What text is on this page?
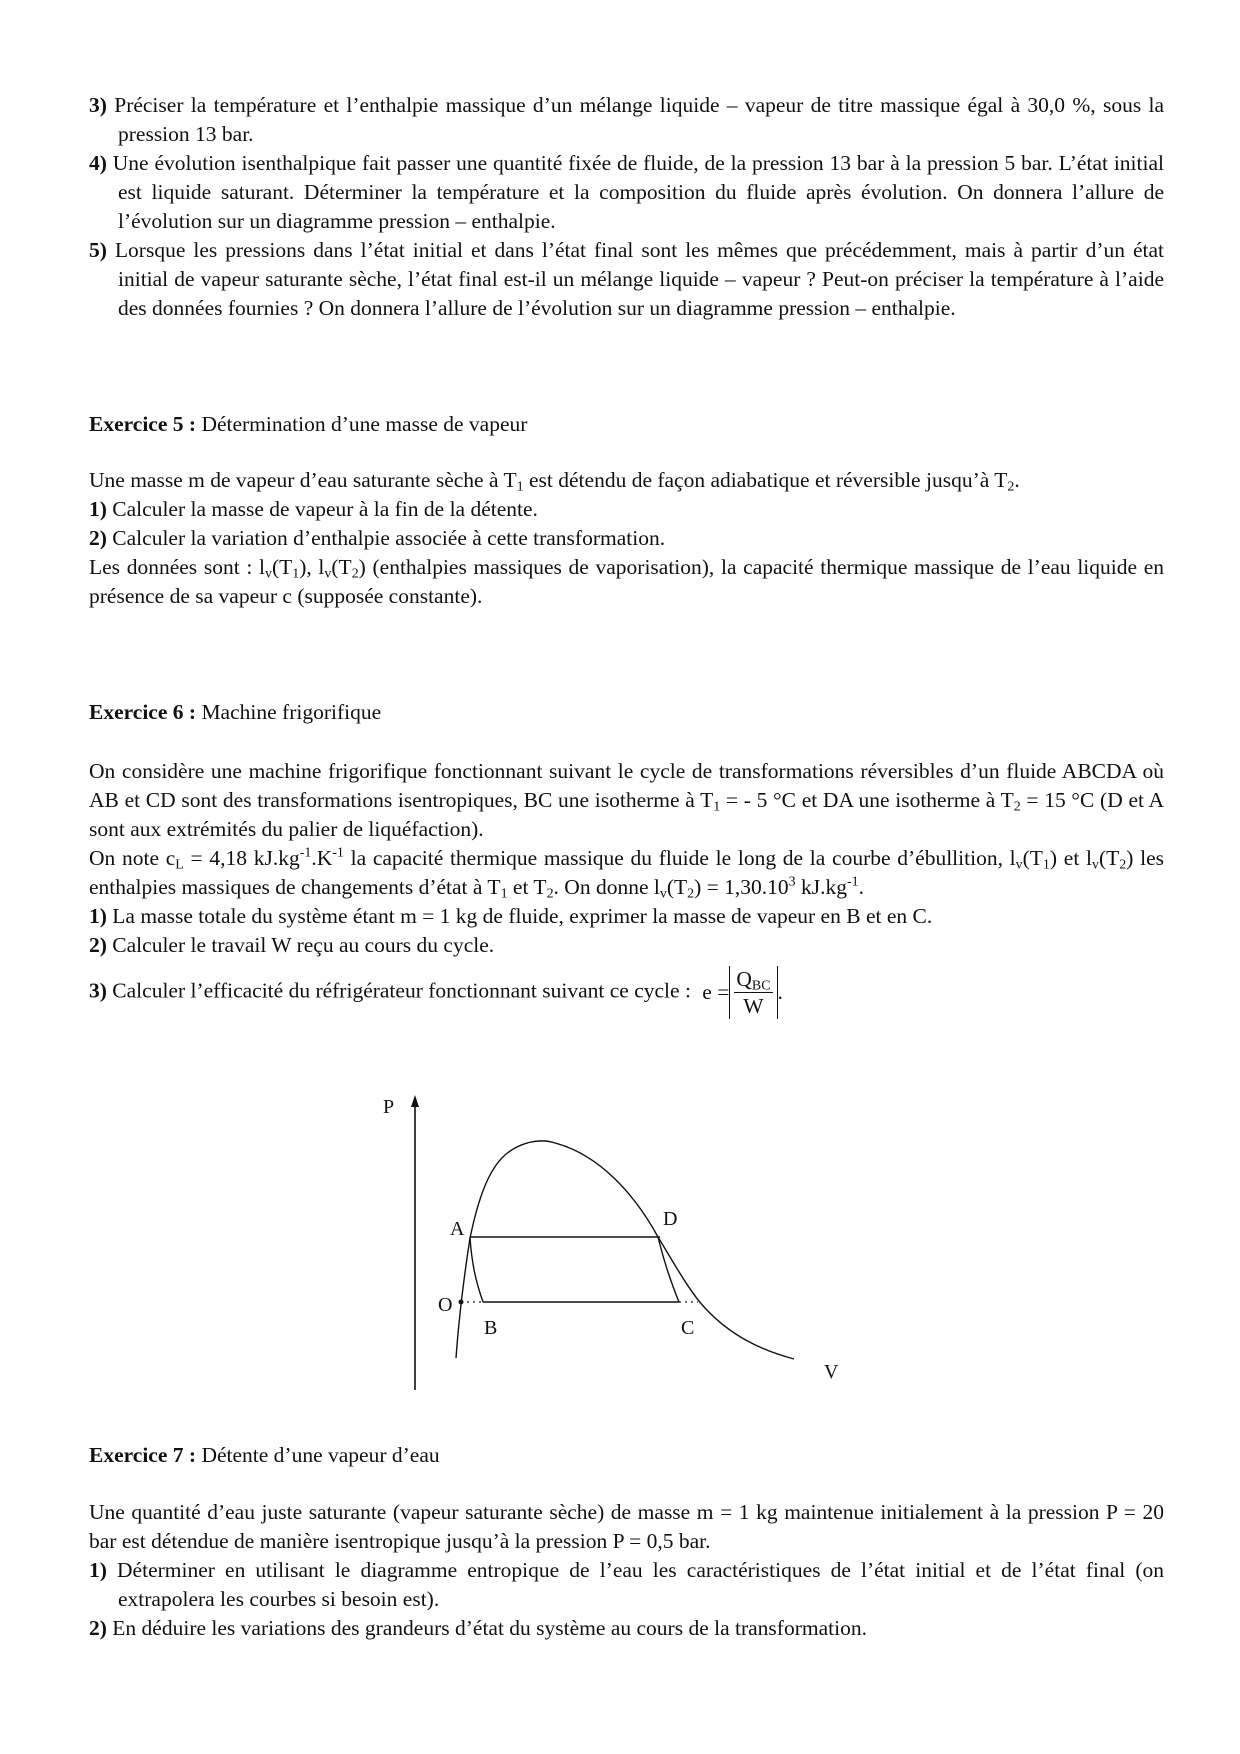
3) Préciser la température et l’enthalpie massique d’un mélange liquide – vapeur de titre massique égal à 30,0 %, sous la pression 13 bar.
4) Une évolution isenthalpique fait passer une quantité fixée de fluide, de la pression 13 bar à la pression 5 bar. L’état initial est liquide saturant. Déterminer la température et la composition du fluide après évolution. On donnera l’allure de l’évolution sur un diagramme pression – enthalpie.
5) Lorsque les pressions dans l’état initial et dans l’état final sont les mêmes que précédemment, mais à partir d’un état initial de vapeur saturante sèche, l’état final est-il un mélange liquide – vapeur ? Peut-on préciser la température à l’aide des données fournies ? On donnera l’allure de l’évolution sur un diagramme pression – enthalpie.
Exercice 5 : Détermination d’une masse de vapeur
Une masse m de vapeur d’eau saturante sèche à $T_1$ est détendu de façon adiabatique et réversible jusqu’à $T_2$.
1) Calculer la masse de vapeur à la fin de la détente.
2) Calculer la variation d’enthalpie associée à cette transformation.
Les données sont : $l_v(T_1)$, $l_v(T_2)$ (enthalpies massiques de vaporisation), la capacité thermique massique de l’eau liquide en présence de sa vapeur c (supposée constante).
Exercice 6 : Machine frigorifique
On considère une machine frigorifique fonctionnant suivant le cycle de transformations réversibles d’un fluide ABCDA où AB et CD sont des transformations isentropiques, BC une isotherme à $T_1$ = - 5 °C et DA une isotherme à $T_2 = 15$ °C (D et A sont aux extrémités du palier de liquéfaction).
On note $c_L = 4,18$ $kJ.kg^{-1}.K^{-1}$ la capacité thermique massique du fluide le long de la courbe d’ébullition, $l_v(T_1)$ et $l_v(T_2)$ les enthalpies massiques de changements d’état à $T_1$ et $T_2$. On donne $l_v(T_2) = 1,30.10^3$ $kJ.kg^{-1}$.
1) La masse totale du système étant m = 1 kg de fluide, exprimer la masse de vapeur en B et en C.
2) Calculer le travail W reçu au cours du cycle.
3) Calculer l’efficacité du réfrigérateur fonctionnant suivant ce cycle : e =
$Q_{BC}$
W
.
P
V
A	D
O
B	C
Exercice 7 : Détente d’une vapeur d’eau
Une quantité d’eau juste saturante (vapeur saturante sèche) de masse m = 1 kg maintenue initialement à la pression P = 20 bar est détendue de manière isentropique jusqu’à la pression P = 0,5 bar.
1) Déterminer en utilisant le diagramme entropique de l’eau les caractéristiques de l’état initial et de l’état final (on extrapolera les courbes si besoin est).
2) En déduire les variations des grandeurs d’état du système au cours de la transformation.
